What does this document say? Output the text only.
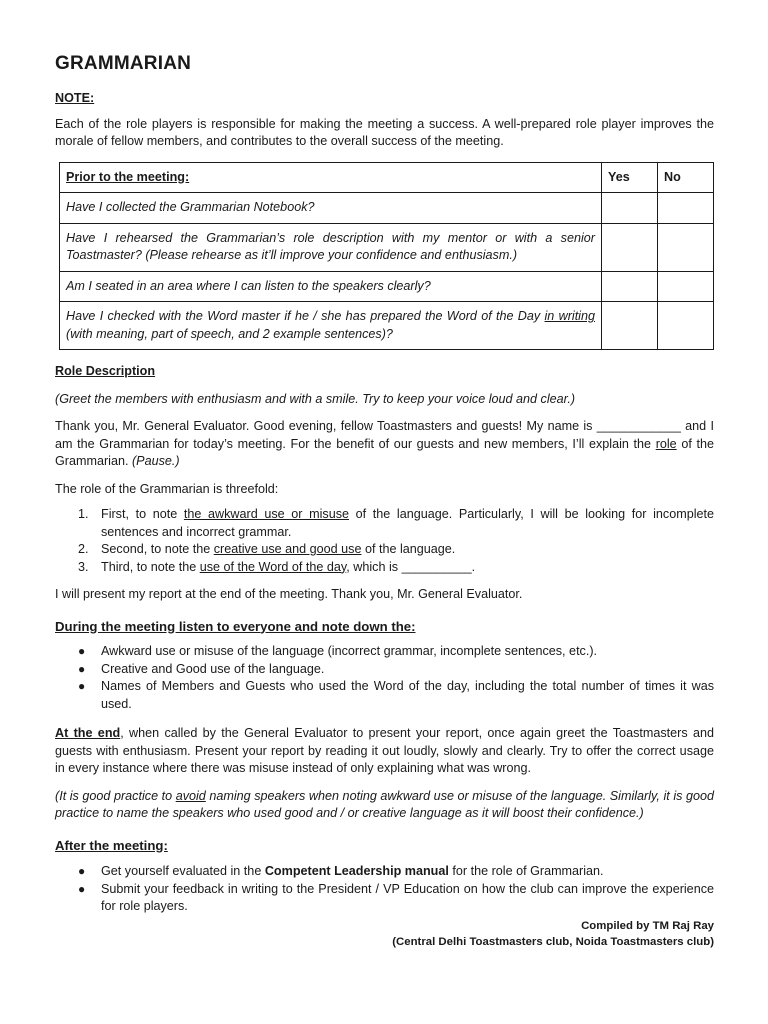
GRAMMARIAN
NOTE:

Each of the role players is responsible for making the meeting a success. A well-prepared role player improves the morale of fellow members, and contributes to the overall success of the meeting.

Prior to the meeting:	Yes	No
Have I collected the Grammarian Notebook?		
Have I rehearsed the Grammarian’s role description with my mentor or with a senior Toastmaster? (Please rehearse as it’ll improve your confidence and enthusiasm.)		
Am I seated in an area where I can listen to the speakers clearly?		
Have I checked with the Word master if he / she has prepared the Word of the Day in writing (with meaning, part of speech, and 2 example sentences)?		
Role Description

(Greet the members with enthusiasm and with a smile. Try to keep your voice loud and clear.)

Thank you, Mr. General Evaluator. Good evening, fellow Toastmasters and guests! My name is ____________ and I am the Grammarian for today’s meeting. For the benefit of our guests and new members, I’ll explain the role of the Grammarian. (Pause.)

The role of the Grammarian is threefold:

1. First, to note the awkward use or misuse of the language. Particularly, I will be looking for incomplete sentences and incorrect grammar.
2. Second, to note the creative use and good use of the language.
3. Third, to note the use of the Word of the day, which is __________.

I will present my report at the end of the meeting. Thank you, Mr. General Evaluator.

During the meeting listen to everyone and note down the:
● Awkward use or misuse of the language (incorrect grammar, incomplete sentences, etc.).
● Creative and Good use of the language.
● Names of Members and Guests who used the Word of the day, including the total number of times it was used.

At the end, when called by the General Evaluator to present your report, once again greet the Toastmasters and guests with enthusiasm. Present your report by reading it out loudly, slowly and clearly. Try to offer the correct usage in every instance where there was misuse instead of only explaining what was wrong.

(It is good practice to avoid naming speakers when noting awkward use or misuse of the language. Similarly, it is good practice to name the speakers who used good and / or creative language as it will boost their confidence.)

After the meeting:
● Get yourself evaluated in the Competent Leadership manual for the role of Grammarian.
● Submit your feedback in writing to the President / VP Education on how the club can improve the experience for role players.
Compiled by TM Raj Ray
(Central Delhi Toastmasters club, Noida Toastmasters club)
